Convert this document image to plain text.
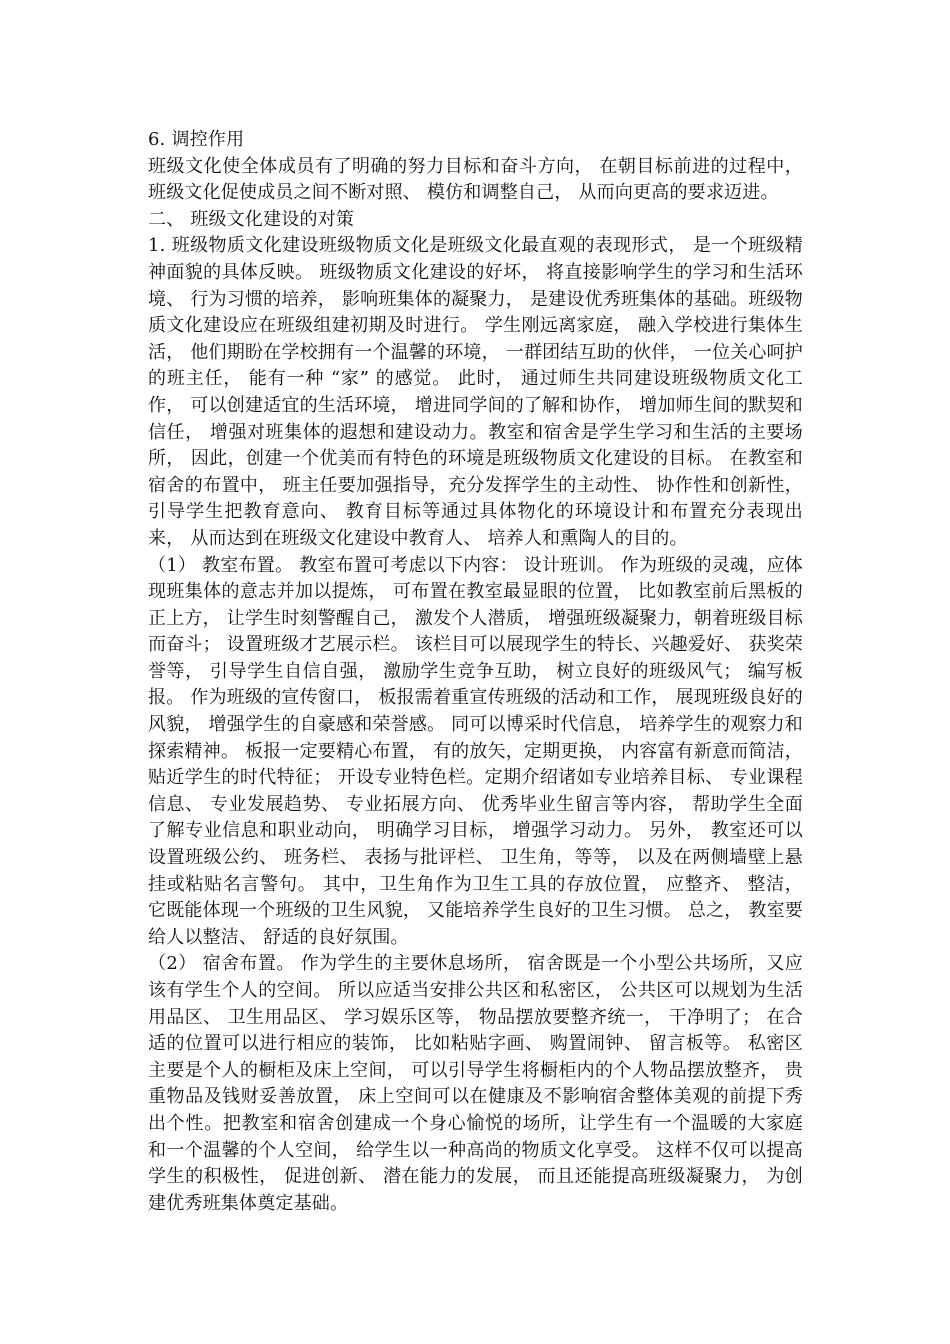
6. 调控作用

班级文化使全体成员有了明确的努力目标和奋斗方向， 在朝目标前进的过程中， 班级文化促使成员之间不断对照、 模仿和调整自己， 从而向更高的要求迈进。

二、 班级文化建设的对策

1. 班级物质文化建设班级物质文化是班级文化最直观的表现形式， 是一个班级精神面貌的具体反映。 班级物质文化建设的好坏， 将直接影响学生的学习和生活环境、 行为习惯的培养， 影响班集体的凝聚力， 是建设优秀班集体的基础。班级物质文化建设应在班级组建初期及时进行。 学生刚远离家庭， 融入学校进行集体生活， 他们期盼在学校拥有一个温馨的环境， 一群团结互助的伙伴， 一位关心呵护的班主任， 能有一种 “家” 的感觉。 此时， 通过师生共同建设班级物质文化工作， 可以创建适宜的生活环境， 增进同学间的了解和协作， 增加师生间的默契和信任， 增强对班集体的遐想和建设动力。教室和宿舍是学生学习和生活的主要场所， 因此，创建一个优美而有特色的环境是班级物质文化建设的目标。 在教室和宿舍的布置中， 班主任要加强指导，充分发挥学生的主动性、 协作性和创新性， 引导学生把教育意向、 教育目标等通过具体物化的环境设计和布置充分表现出来， 从而达到在班级文化建设中教育人、 培养人和熏陶人的目的。

（1） 教室布置。 教室布置可考虑以下内容： 设计班训。 作为班级的灵魂，应体现班集体的意志并加以提炼， 可布置在教室最显眼的位置， 比如教室前后黑板的正上方， 让学生时刻警醒自己， 激发个人潜质， 增强班级凝聚力，朝着班级目标而奋斗； 设置班级才艺展示栏。 该栏目可以展现学生的特长、兴趣爱好、 获奖荣誉等， 引导学生自信自强， 激励学生竞争互助， 树立良好的班级风气； 编写板报。 作为班级的宣传窗口， 板报需着重宣传班级的活动和工作， 展现班级良好的风貌， 增强学生的自豪感和荣誉感。 同可以博采时代信息， 培养学生的观察力和探索精神。 板报一定要精心布置， 有的放矢，定期更换， 内容富有新意而简洁， 贴近学生的时代特征； 开设专业特色栏。定期介绍诸如专业培养目标、 专业课程信息、 专业发展趋势、 专业拓展方向、 优秀毕业生留言等内容， 帮助学生全面了解专业信息和职业动向， 明确学习目标， 增强学习动力。 另外， 教室还可以设置班级公约、 班务栏、 表扬与批评栏、 卫生角，等等， 以及在两侧墙壁上悬挂或粘贴名言警句。 其中，卫生角作为卫生工具的存放位置， 应整齐、 整洁， 它既能体现一个班级的卫生风貌， 又能培养学生良好的卫生习惯。 总之， 教室要给人以整洁、 舒适的良好氛围。

（2） 宿舍布置。 作为学生的主要休息场所， 宿舍既是一个小型公共场所，又应该有学生个人的空间。 所以应适当安排公共区和私密区， 公共区可以规划为生活用品区、 卫生用品区、 学习娱乐区等， 物品摆放要整齐统一， 干净明了； 在合适的位置可以进行相应的装饰， 比如粘贴字画、 购置闹钟、 留言板等。 私密区主要是个人的橱柜及床上空间， 可以引导学生将橱柜内的个人物品摆放整齐， 贵重物品及钱财妥善放置， 床上空间可以在健康及不影响宿舍整体美观的前提下秀出个性。把教室和宿舍创建成一个身心愉悦的场所，让学生有一个温暖的大家庭和一个温馨的个人空间， 给学生以一种高尚的物质文化享受。 这样不仅可以提高学生的积极性， 促进创新、 潜在能力的发展， 而且还能提高班级凝聚力， 为创建优秀班集体奠定基础。
